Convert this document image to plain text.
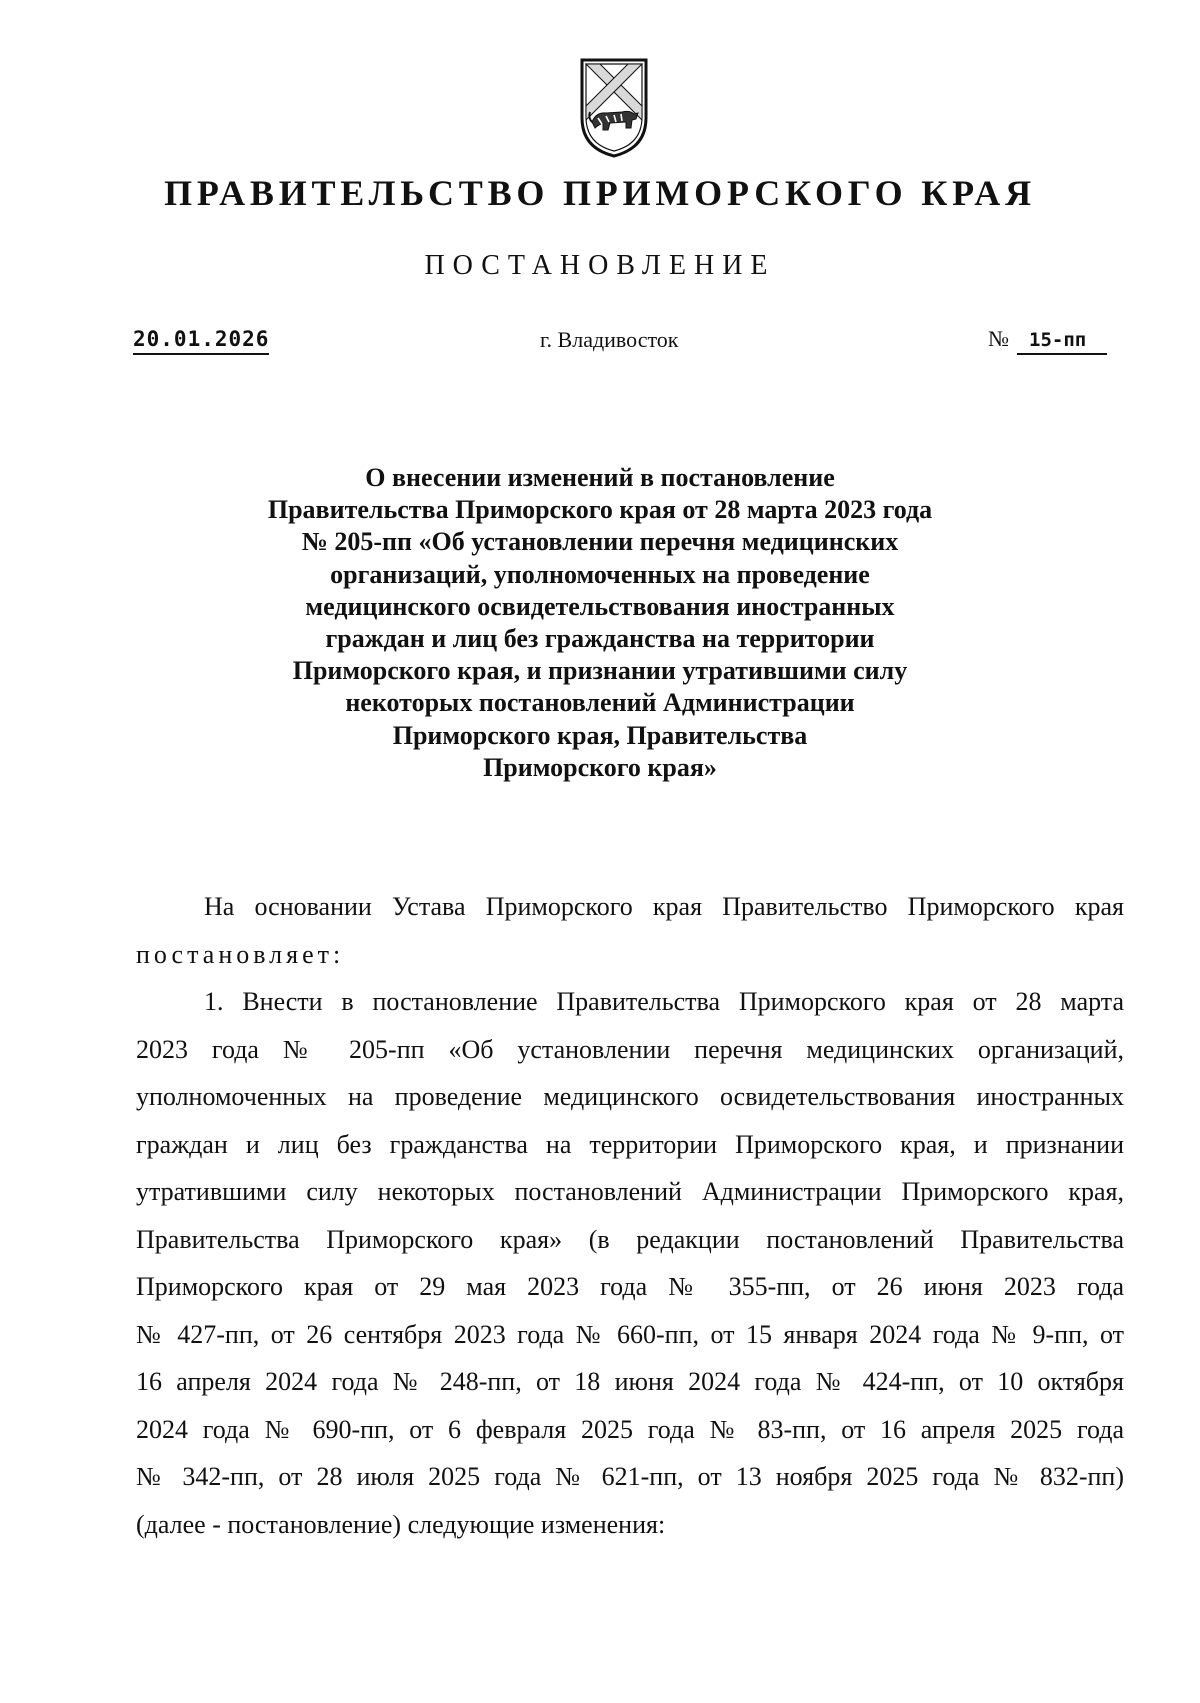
ПРАВИТЕЛЬСТВО ПРИМОРСКОГО КРАЯ
ПОСТАНОВЛЕНИЕ
20.01.2026	г. Владивосток	№ 15-пп
О внесении изменений в постановление
Правительства Приморского края от 28 марта 2023 года
№ 205-пп «Об установлении перечня медицинских
организаций, уполномоченных на проведение
медицинского освидетельствования иностранных
граждан и лиц без гражданства на территории
Приморского края, и признании утратившими силу
некоторых постановлений Администрации
Приморского края, Правительства
Приморского края»
На основании Устава Приморского края Правительство Приморского края
постановляет:
1. Внести в постановление Правительства Приморского края от 28 марта
2023 года № 205-пп «Об установлении перечня медицинских организаций,
уполномоченных на проведение медицинского освидетельствования иностранных
граждан и лиц без гражданства на территории Приморского края, и признании
утратившими силу некоторых постановлений Администрации Приморского края,
Правительства Приморского края» (в редакции постановлений Правительства
Приморского края от 29 мая 2023 года № 355-пп, от 26 июня 2023 года
№ 427-пп, от 26 сентября 2023 года № 660-пп, от 15 января 2024 года № 9-пп, от
16 апреля 2024 года № 248-пп, от 18 июня 2024 года № 424-пп, от 10 октября
2024 года № 690-пп, от 6 февраля 2025 года № 83-пп, от 16 апреля 2025 года
№ 342-пп, от 28 июля 2025 года № 621-пп, от 13 ноября 2025 года № 832-пп)
(далее - постановление) следующие изменения:
